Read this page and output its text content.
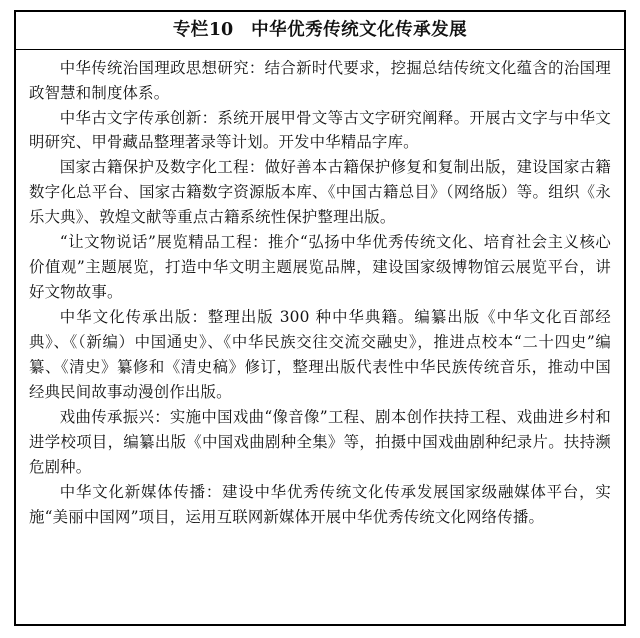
专栏10 中华优秀传统文化传承发展

中华传统治国理政思想研究：结合新时代要求，挖掘总结传统文化蕴含的治国理政智慧和制度体系。

中华古文字传承创新：系统开展甲骨文等古文字研究阐释。开展古文字与中华文明研究、甲骨藏品整理著录等计划。开发中华精品字库。

国家古籍保护及数字化工程：做好善本古籍保护修复和复制出版，建设国家古籍数字化总平台、国家古籍数字资源版本库、《中国古籍总目》（网络版）等。组织《永乐大典》、敦煌文献等重点古籍系统性保护整理出版。

“让文物说话”展览精品工程：推介“弘扬中华优秀传统文化、培育社会主义核心价值观”主题展览，打造中华文明主题展览品牌，建设国家级博物馆云展览平台，讲好文物故事。

中华文化传承出版：整理出版 300 种中华典籍。编纂出版《中华文化百部经典》、《（新编）中国通史》、《中华民族交往交流交融史》，推进点校本“二十四史”编纂、《清史》纂修和《清史稿》修订，整理出版代表性中华民族传统音乐，推动中国经典民间故事动漫创作出版。

戏曲传承振兴：实施中国戏曲“像音像”工程、剧本创作扶持工程、戏曲进乡村和进学校项目，编纂出版《中国戏曲剧种全集》等，拍摄中国戏曲剧种纪录片。扶持濒危剧种。

中华文化新媒体传播：建设中华优秀传统文化传承发展国家级融媒体平台，实施“美丽中国网”项目，运用互联网新媒体开展中华优秀传统文化网络传播。
